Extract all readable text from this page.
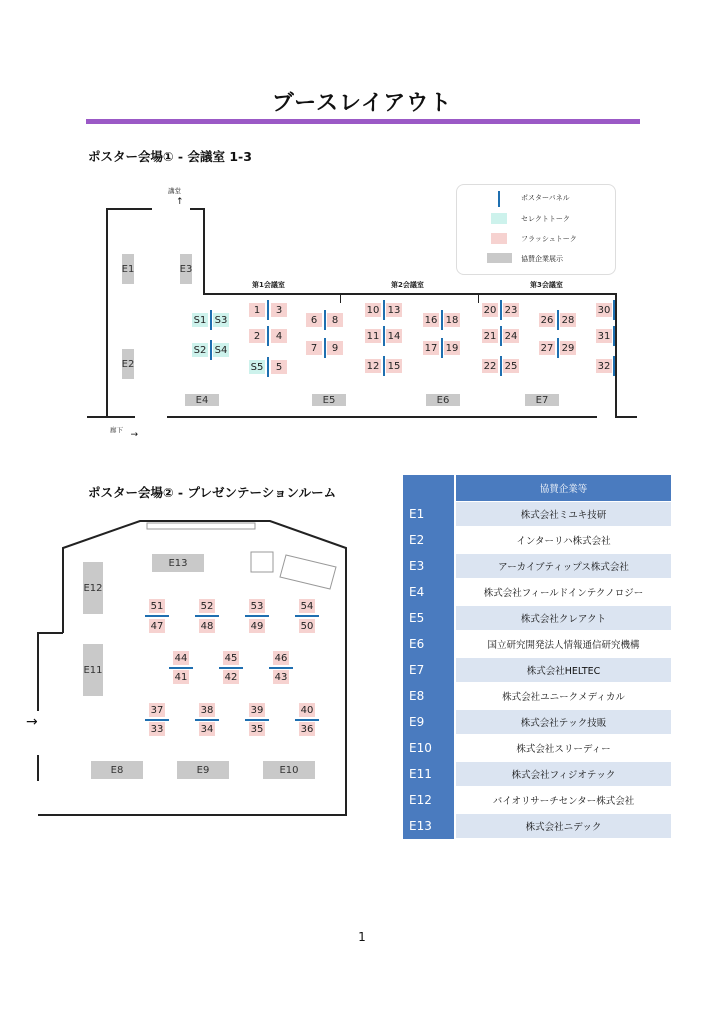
ブースレイアウト
ポスター会場① - 会議室 1-3
講堂
↑
廊下 →
第1会議室	第2会議室	第3会議室
E1
E2
E3
E4	E5	E6	E7
S1 S3
S2 S4
S5	5
1	3
2	4
6	8
7	9
10 13
11 14
12 15
16 18
17 19
20 23
21 24
22 25
26 28
27 29
30
31
32
ポスターパネル
セレクトトーク
フラッシュトーク
協賛企業展示
ポスター会場② - プレゼンテーションルーム
→
E13
E12
E11
E8	E9	E10
51
47
52
48
53
49
54
50
44
41
45
42
46
43
37
33
38
34
39
35
40
36
協賛企業等
E1	株式会社ミユキ技研
E2	インターリハ株式会社
E3	アーカイブティップス株式会社
E4	株式会社フィールドインテクノロジー
E5	株式会社クレアクト
E6	国立研究開発法人情報通信研究機構
E7	株式会社HELTEC
E8	株式会社ユニークメディカル
E9	株式会社テック技販
E10	株式会社スリーディー
E11	株式会社フィジオテック
E12	バイオリサーチセンター株式会社
E13	株式会社ニデック
1
